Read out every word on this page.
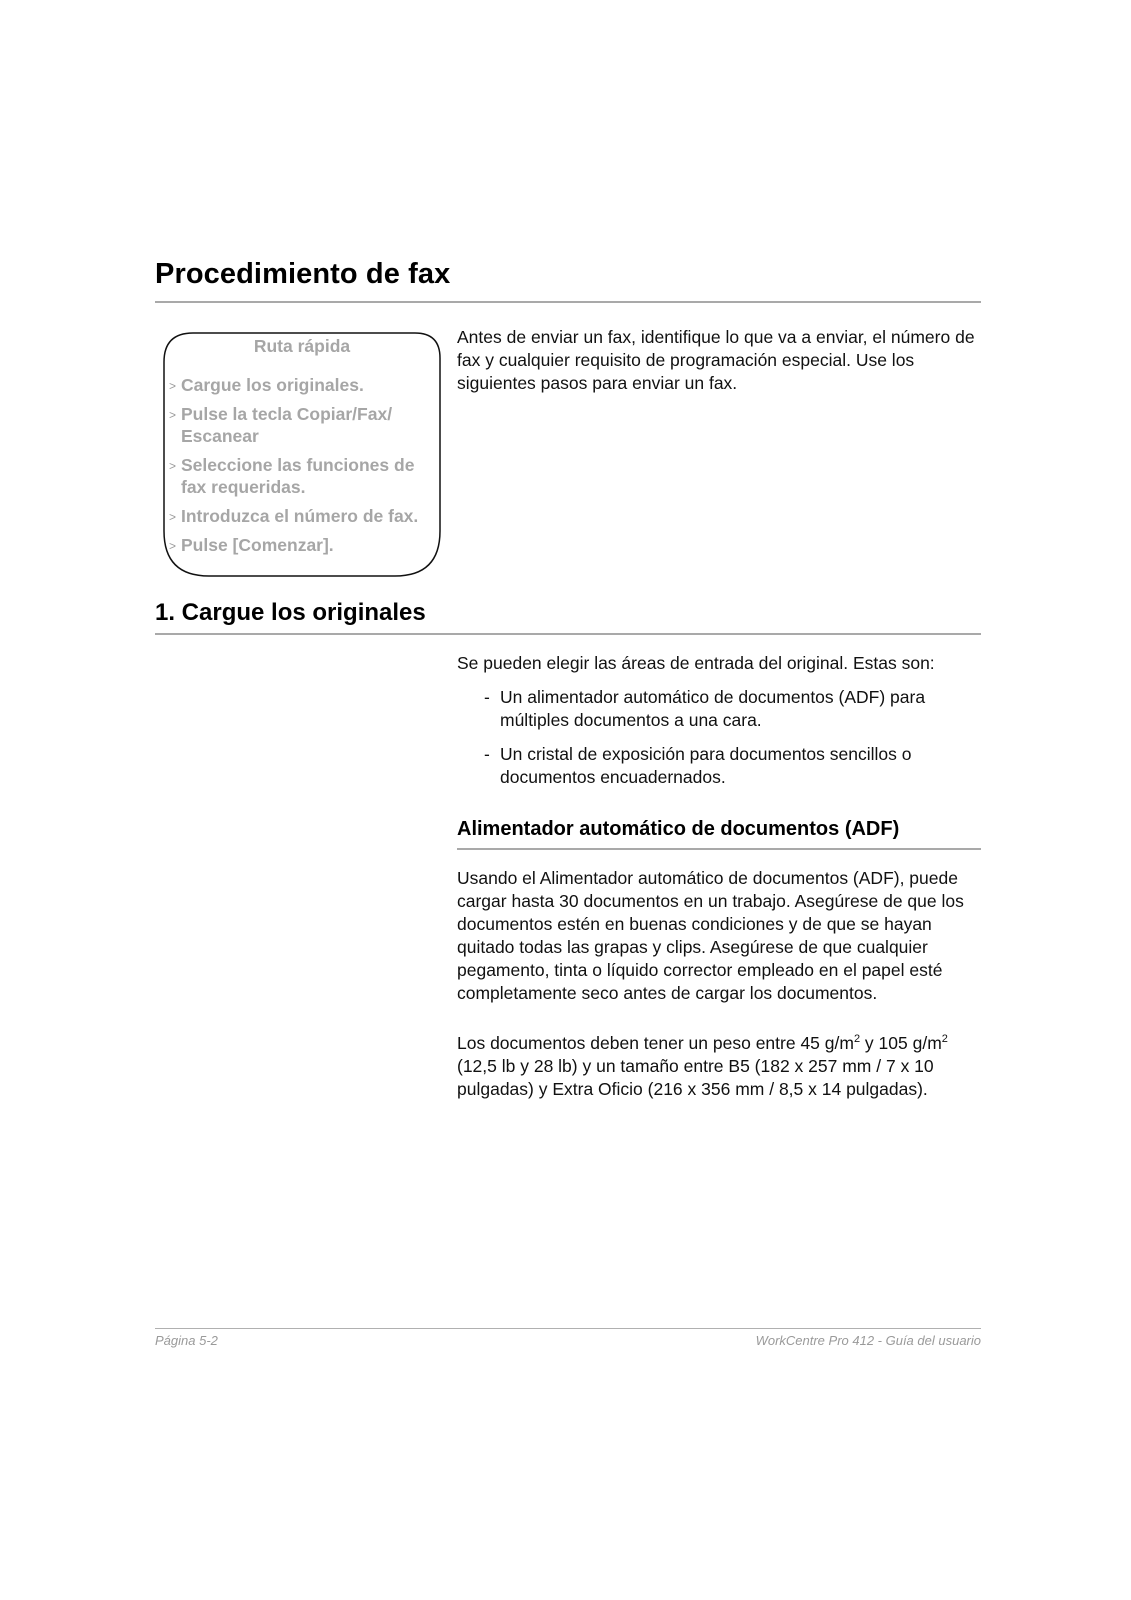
Procedimiento de fax
Ruta rápida
> Cargue los originales.
> Pulse la tecla Copiar/Fax/ Escanear
> Seleccione las funciones de fax requeridas.
> Introduzca el número de fax.
> Pulse [Comenzar].

Antes de enviar un fax, identifique lo que va a enviar, el número de fax y cualquier requisito de programación especial. Use los siguientes pasos para enviar un fax.

1. Cargue los originales

Se pueden elegir las áreas de entrada del original. Estas son:

- Un alimentador automático de documentos (ADF) para múltiples documentos a una cara.
- Un cristal de exposición para documentos sencillos o documentos encuadernados.
Alimentador automático de documentos (ADF)

Usando el Alimentador automático de documentos (ADF), puede cargar hasta 30 documentos en un trabajo. Asegúrese de que los documentos estén en buenas condiciones y de que se hayan quitado todas las grapas y clips. Asegúrese de que cualquier pegamento, tinta o líquido corrector empleado en el papel esté completamente seco antes de cargar los documentos.

Los documentos deben tener un peso entre 45 $g/m^2$ y 105 $g/m^2$ (12,5 lb y 28 lb) y un tamaño entre B5 (182 x 257 mm / 7 x 10 pulgadas) y Extra Oficio (216 x 356 mm / 8,5 x 14 pulgadas).

Página 5-2	WorkCentre Pro 412 - Guía del usuario
